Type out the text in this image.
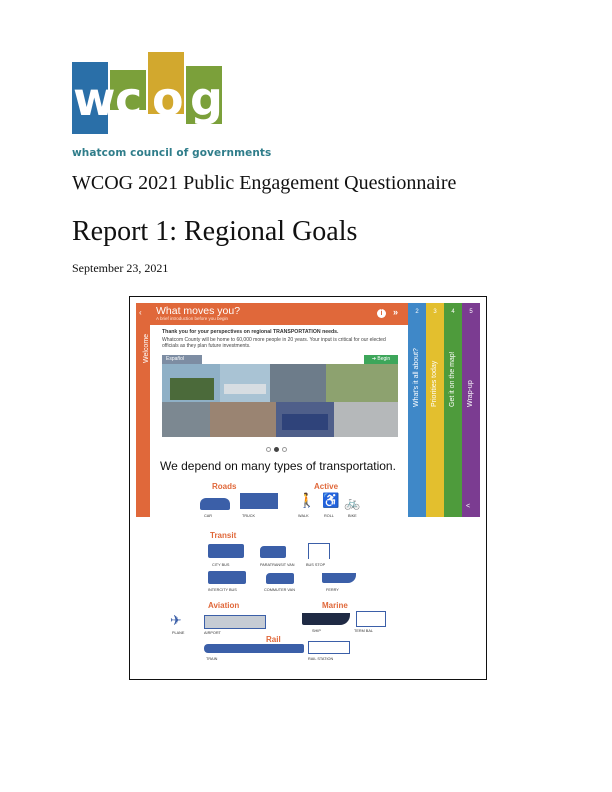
w c o g
whatcom council of governments
WCOG 2021 Public Engagement Questionnaire
Report 1: Regional Goals
September 23, 2021
Welcome
‹ What moves you?
A brief introduction before you begin
i	»
Thank you for your perspectives on regional TRANSPORTATION needs.
Whatcom County will be home to 60,000 more people in 20 years. Your input is critical for our elected officials as they plan future investments.
Español	➔ Begin
We depend on many types of transportation.
2
What's it all about?
3
Priorities today
4
Get it on the map!
5
Wrap-up
<
Roads	Active
CAR	TRUCK
🚶
WALK
♿
ROLL
🚲
BIKE
Transit
CITY BUS	PARATRANSIT VAN	BUS STOP
INTERCITY BUS	COMMUTER VAN	FERRY
Aviation	Marine
✈
PLANE	AIRPORT	SHIP	TERM BAL
Rail
TRAIN	RAIL STATION
